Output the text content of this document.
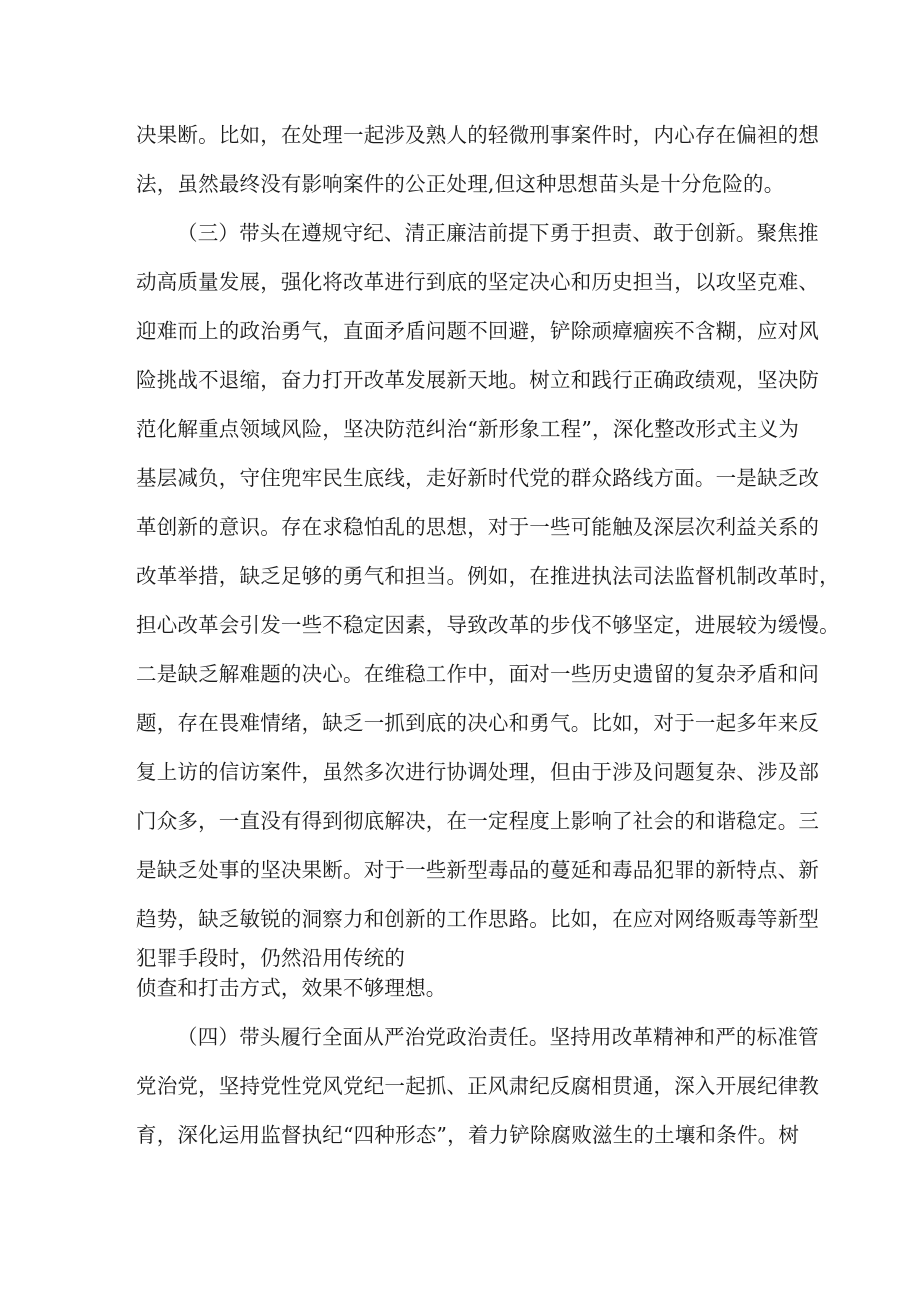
决果断。比如，在处理一起涉及熟人的轻微刑事案件时，内心存在偏袒的想
法，虽然最终没有影响案件的公正处理,但这种思想苗头是十分危险的。
（三）带头在遵规守纪、清正廉洁前提下勇于担责、敢于创新。聚焦推
动高质量发展，强化将改革进行到底的坚定决心和历史担当，以攻坚克难、
迎难而上的政治勇气，直面矛盾问题不回避，铲除顽瘴痼疾不含糊，应对风
险挑战不退缩，奋力打开改革发展新天地。树立和践行正确政绩观，坚决防
范化解重点领域风险，坚决防范纠治“新形象工程”，深化整改形式主义为
基层减负，守住兜牢民生底线，走好新时代党的群众路线方面。一是缺乏改
革创新的意识。存在求稳怕乱的思想，对于一些可能触及深层次利益关系的
改革举措，缺乏足够的勇气和担当。例如，在推进执法司法监督机制改革时，
担心改革会引发一些不稳定因素，导致改革的步伐不够坚定，进展较为缓慢。
二是缺乏解难题的决心。在维稳工作中，面对一些历史遗留的复杂矛盾和问
题，存在畏难情绪，缺乏一抓到底的决心和勇气。比如，对于一起多年来反
复上访的信访案件，虽然多次进行协调处理，但由于涉及问题复杂、涉及部
门众多，一直没有得到彻底解决，在一定程度上影响了社会的和谐稳定。三
是缺乏处事的坚决果断。对于一些新型毒品的蔓延和毒品犯罪的新特点、新
趋势，缺乏敏锐的洞察力和创新的工作思路。比如，在应对网络贩毒等新型
犯罪手段时，仍然沿用传统的
侦查和打击方式，效果不够理想。
（四）带头履行全面从严治党政治责任。坚持用改革精神和严的标准管
党治党，坚持党性党风党纪一起抓、正风肃纪反腐相贯通，深入开展纪律教
育，深化运用监督执纪“四种形态”，着力铲除腐败滋生的土壤和条件。树
